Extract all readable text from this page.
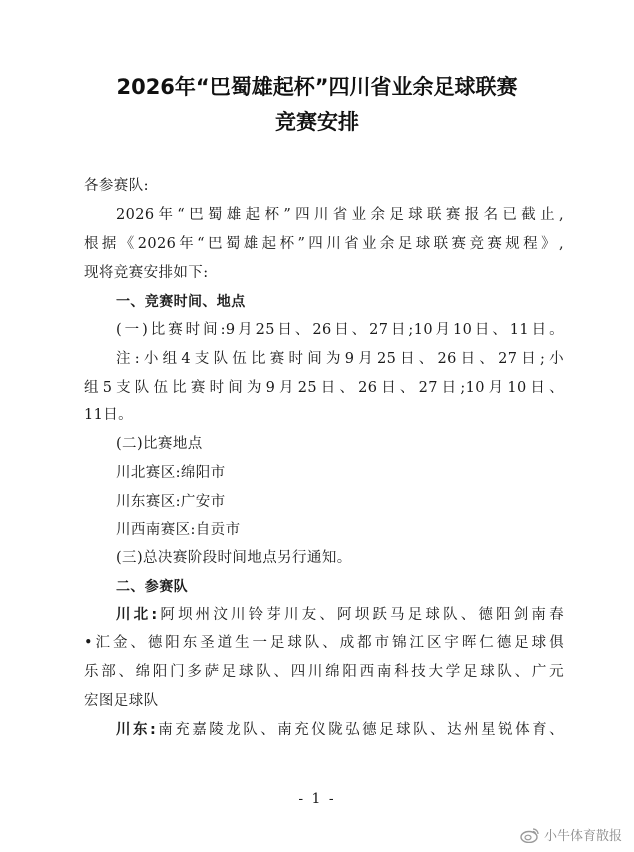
2026年“巴蜀雄起杯”四川省业余足球联赛
竞赛安排
各参赛队:
2026年“巴蜀雄起杯”四川省业余足球联赛报名已截止,
根据《2026年“巴蜀雄起杯”四川省业余足球联赛竞赛规程》,
现将竞赛安排如下:
一、竞赛时间、地点
(一)比赛时间:9月25日、26日、27日;10月10日、11日。
注:小组4支队伍比赛时间为9月25日、26日、27日;小
组5支队伍比赛时间为9月25日、26日、27日;10月10日、
11日。
(二)比赛地点
川北赛区:绵阳市
川东赛区:广安市
川西南赛区:自贡市
(三)总决赛阶段时间地点另行通知。
二、参赛队
川北:阿坝州汶川铃芽川友、阿坝跃马足球队、德阳剑南春
•汇金、德阳东圣道生一足球队、成都市锦江区宇晖仁德足球俱
乐部、绵阳门多萨足球队、四川绵阳西南科技大学足球队、广元
宏图足球队
川东:南充嘉陵龙队、南充仪陇弘德足球队、达州星锐体育、
- 1 -
小牛体育散报
